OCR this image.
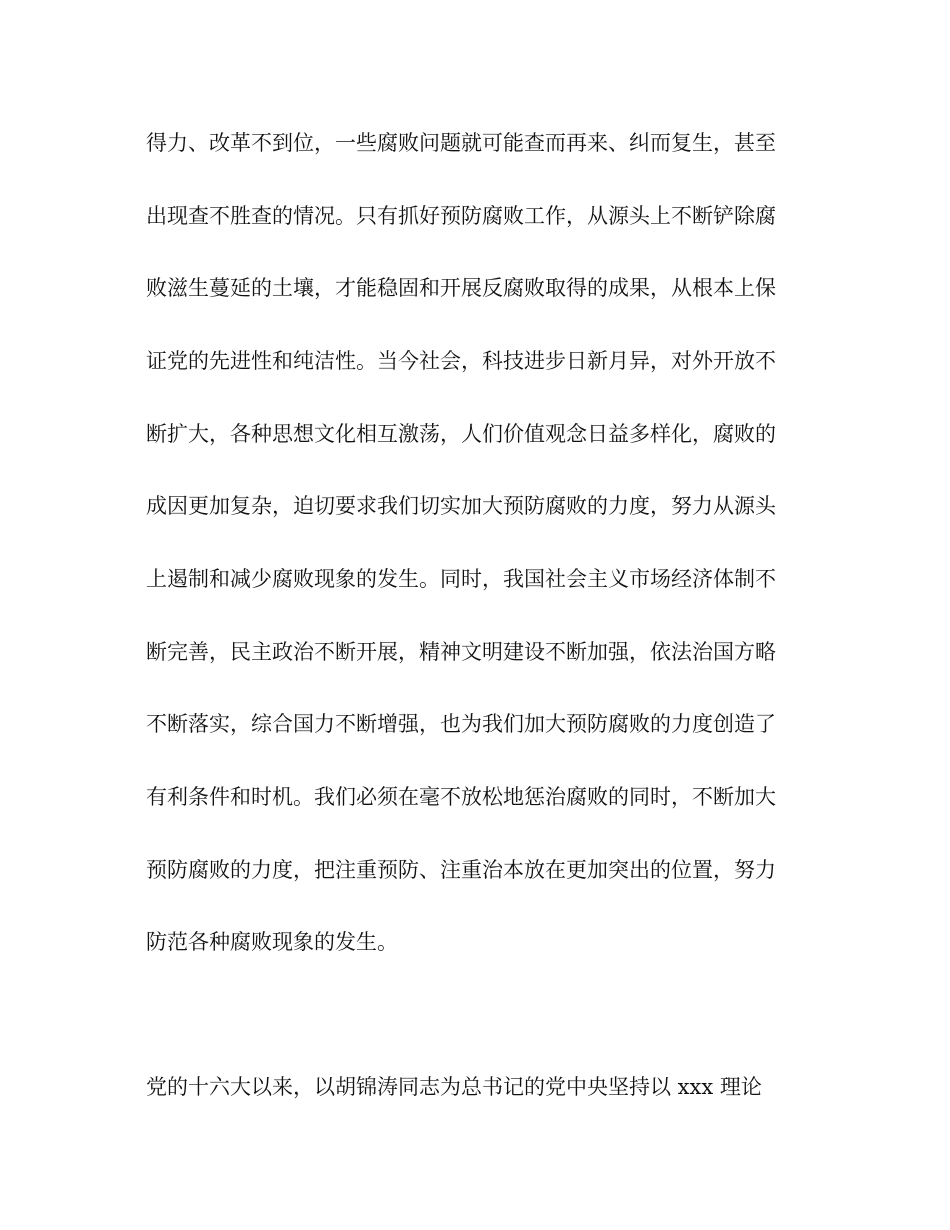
得力、改革不到位，一些腐败问题就可能查而再来、纠而复生，甚至
出现查不胜查的情况。只有抓好预防腐败工作，从源头上不断铲除腐
败滋生蔓延的土壤，才能稳固和开展反腐败取得的成果，从根本上保
证党的先进性和纯洁性。当今社会，科技进步日新月异，对外开放不
断扩大，各种思想文化相互激荡，人们价值观念日益多样化，腐败的
成因更加复杂，迫切要求我们切实加大预防腐败的力度，努力从源头
上遏制和减少腐败现象的发生。同时，我国社会主义市场经济体制不
断完善，民主政治不断开展，精神文明建设不断加强，依法治国方略
不断落实，综合国力不断增强，也为我们加大预防腐败的力度创造了
有利条件和时机。我们必须在毫不放松地惩治腐败的同时，不断加大
预防腐败的力度，把注重预防、注重治本放在更加突出的位置，努力
防范各种腐败现象的发生。
党的十六大以来，以胡锦涛同志为总书记的党中央坚持以 xxx 理论
